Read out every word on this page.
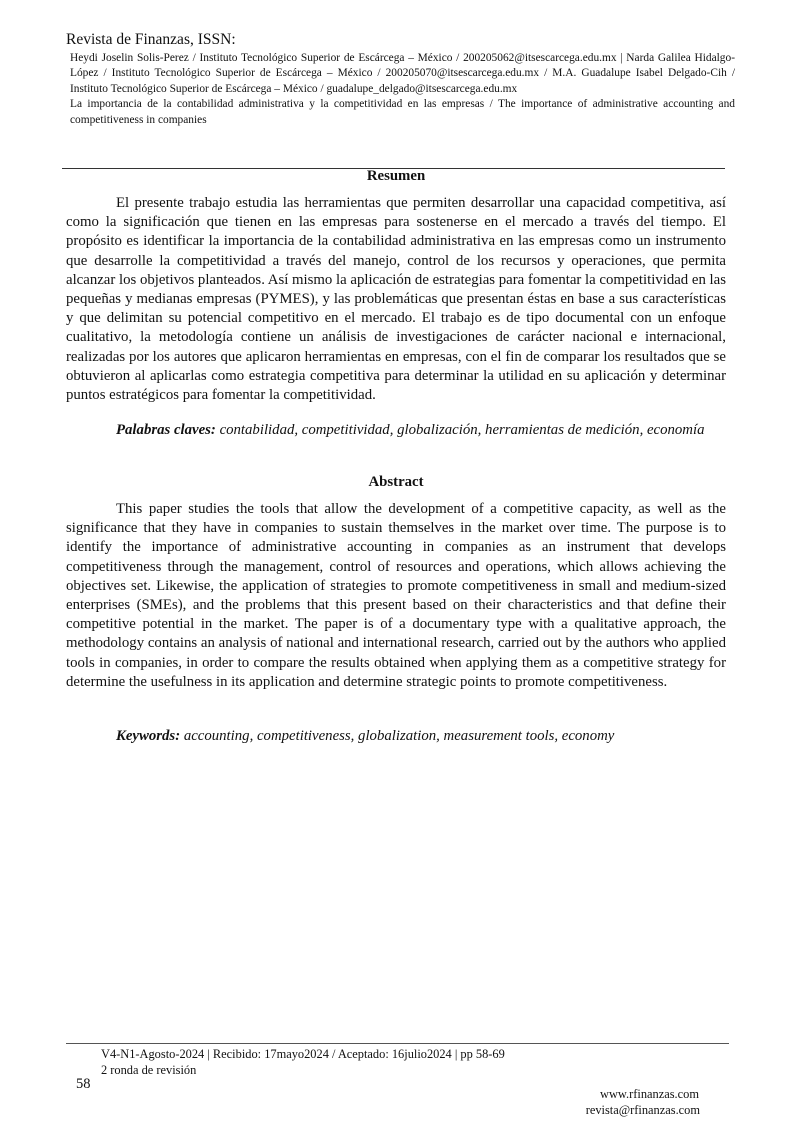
Revista de Finanzas, ISSN:

Heydi Joselin Solis-Perez / Instituto Tecnológico Superior de Escárcega – México / 200205062@itsescarcega.edu.mx | Narda Galilea Hidalgo-López / Instituto Tecnológico Superior de Escárcega – México / 200205070@itsescarcega.edu.mx / M.A. Guadalupe Isabel Delgado-Cih / Instituto Tecnológico Superior de Escárcega – México / guadalupe_delgado@itsescarcega.edu.mx

La importancia de la contabilidad administrativa y la competitividad en las empresas / The importance of administrative accounting and competitiveness in companies

Resumen

El presente trabajo estudia las herramientas que permiten desarrollar una capacidad competitiva, así como la significación que tienen en las empresas para sostenerse en el mercado a través del tiempo. El propósito es identificar la importancia de la contabilidad administrativa en las empresas como un instrumento que desarrolle la competitividad a través del manejo, control de los recursos y operaciones, que permita alcanzar los objetivos planteados. Así mismo la aplicación de estrategias para fomentar la competitividad en las pequeñas y medianas empresas (PYMES), y las problemáticas que presentan éstas en base a sus características y que delimitan su potencial competitivo en el mercado. El trabajo es de tipo documental con un enfoque cualitativo, la metodología contiene un análisis de investigaciones de carácter nacional e internacional, realizadas por los autores que aplicaron herramientas en empresas, con el fin de comparar los resultados que se obtuvieron al aplicarlas como estrategia competitiva para determinar la utilidad en su aplicación y determinar puntos estratégicos para fomentar la competitividad.

Palabras claves: contabilidad, competitividad, globalización, herramientas de medición, economía

Abstract

This paper studies the tools that allow the development of a competitive capacity, as well as the significance that they have in companies to sustain themselves in the market over time. The purpose is to identify the importance of administrative accounting in companies as an instrument that develops competitiveness through the management, control of resources and operations, which allows achieving the objectives set. Likewise, the application of strategies to promote competitiveness in small and medium-sized enterprises (SMEs), and the problems that this present based on their characteristics and that define their competitive potential in the market. The paper is of a documentary type with a qualitative approach, the methodology contains an analysis of national and international research, carried out by the authors who applied tools in companies, in order to compare the results obtained when applying them as a competitive strategy for determine the usefulness in its application and determine strategic points to promote competitiveness.

Keywords: accounting, competitiveness, globalization, measurement tools, economy

V4-N1-Agosto-2024 | Recibido: 17mayo2024 / Aceptado: 16julio2024 | pp 58-69
2 ronda de revisión
58
www.rfinanzas.com
revista@rfinanzas.com
